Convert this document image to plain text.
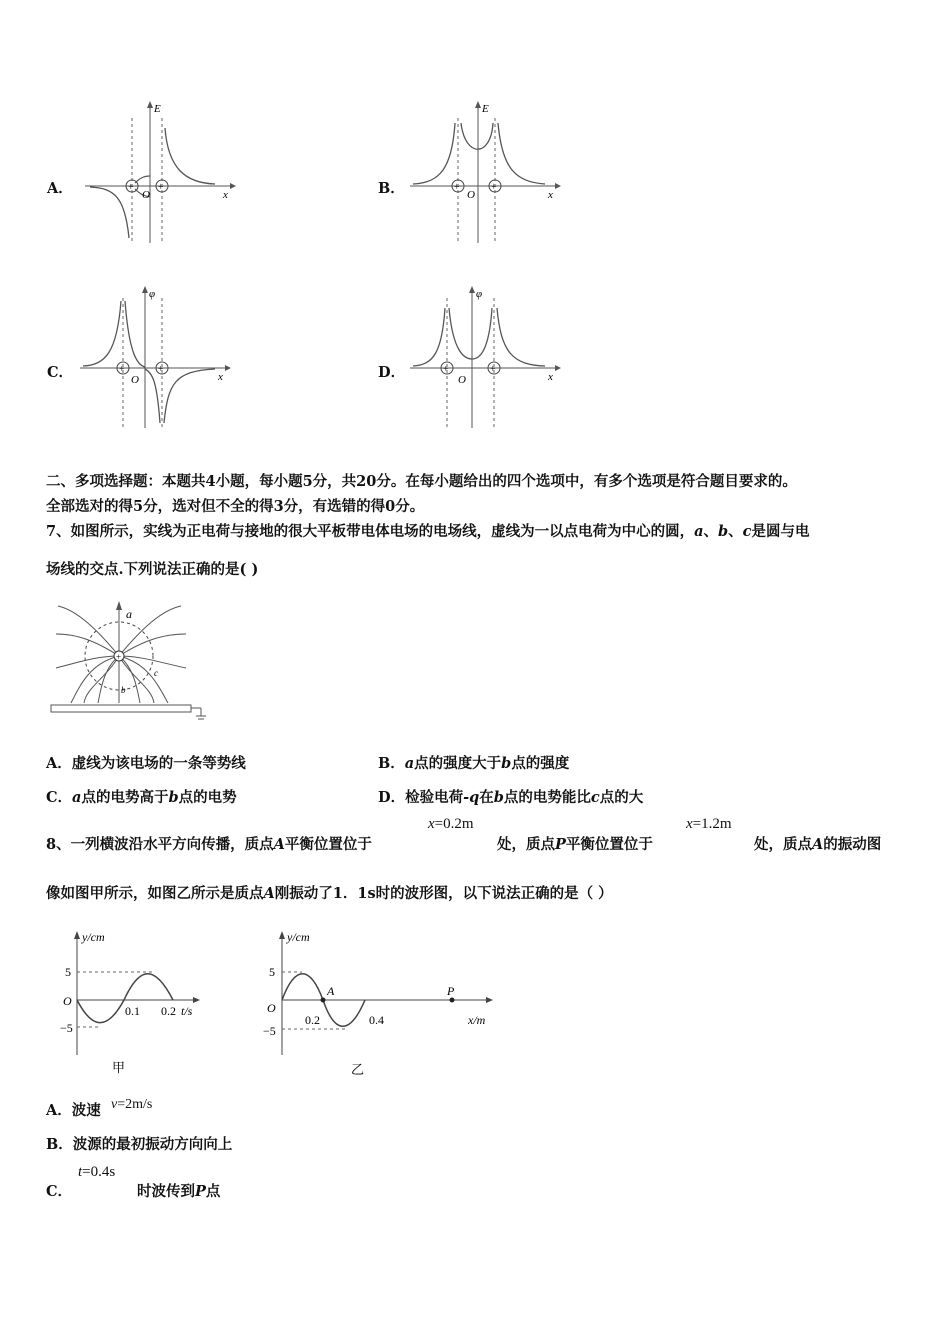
A．	+ +
E
O	x	B．	+	+
E
O	x
C．	+	+
φ
O	x	D．	+	+
φ
O	x
二、多项选择题：本题共4小题，每小题5分，共20分。在每小题给出的四个选项中，有多个选项是符合题目要求的。
全部选对的得5分，选对但不全的得3分，有选错的得0分。
7、如图所示，实线为正电荷与接地的很大平板带电体电场的电场线，虚线为一以点电荷为中心的圆，a、b、c是圆与电
场线的交点.下列说法正确的是( )
+
a
b
c
A．虚线为该电场的一条等势线	B．a点的强度大于b点的强度
C．a点的电势高于b点的电势	D．检验电荷-q在b点的电势能比c点的大
8、一列横波沿水平方向传播，质点A平衡位置位于
x=0.2m
处，质点P平衡位置位于
x=1.2m
处，质点A的振动图
像如图甲所示，如图乙所示是质点A刚振动了1．1s时的波形图，以下说法正确的是（ ）
y/cm
5
−5
O
0.1 0.2 t/s
甲
y/cm
5
−5
O
0.2	0.4	x/m
A	P
乙
A．波速 v=2m/s
B．波源的最初振动方向向上
C．
t=0.4s
时波传到P点
